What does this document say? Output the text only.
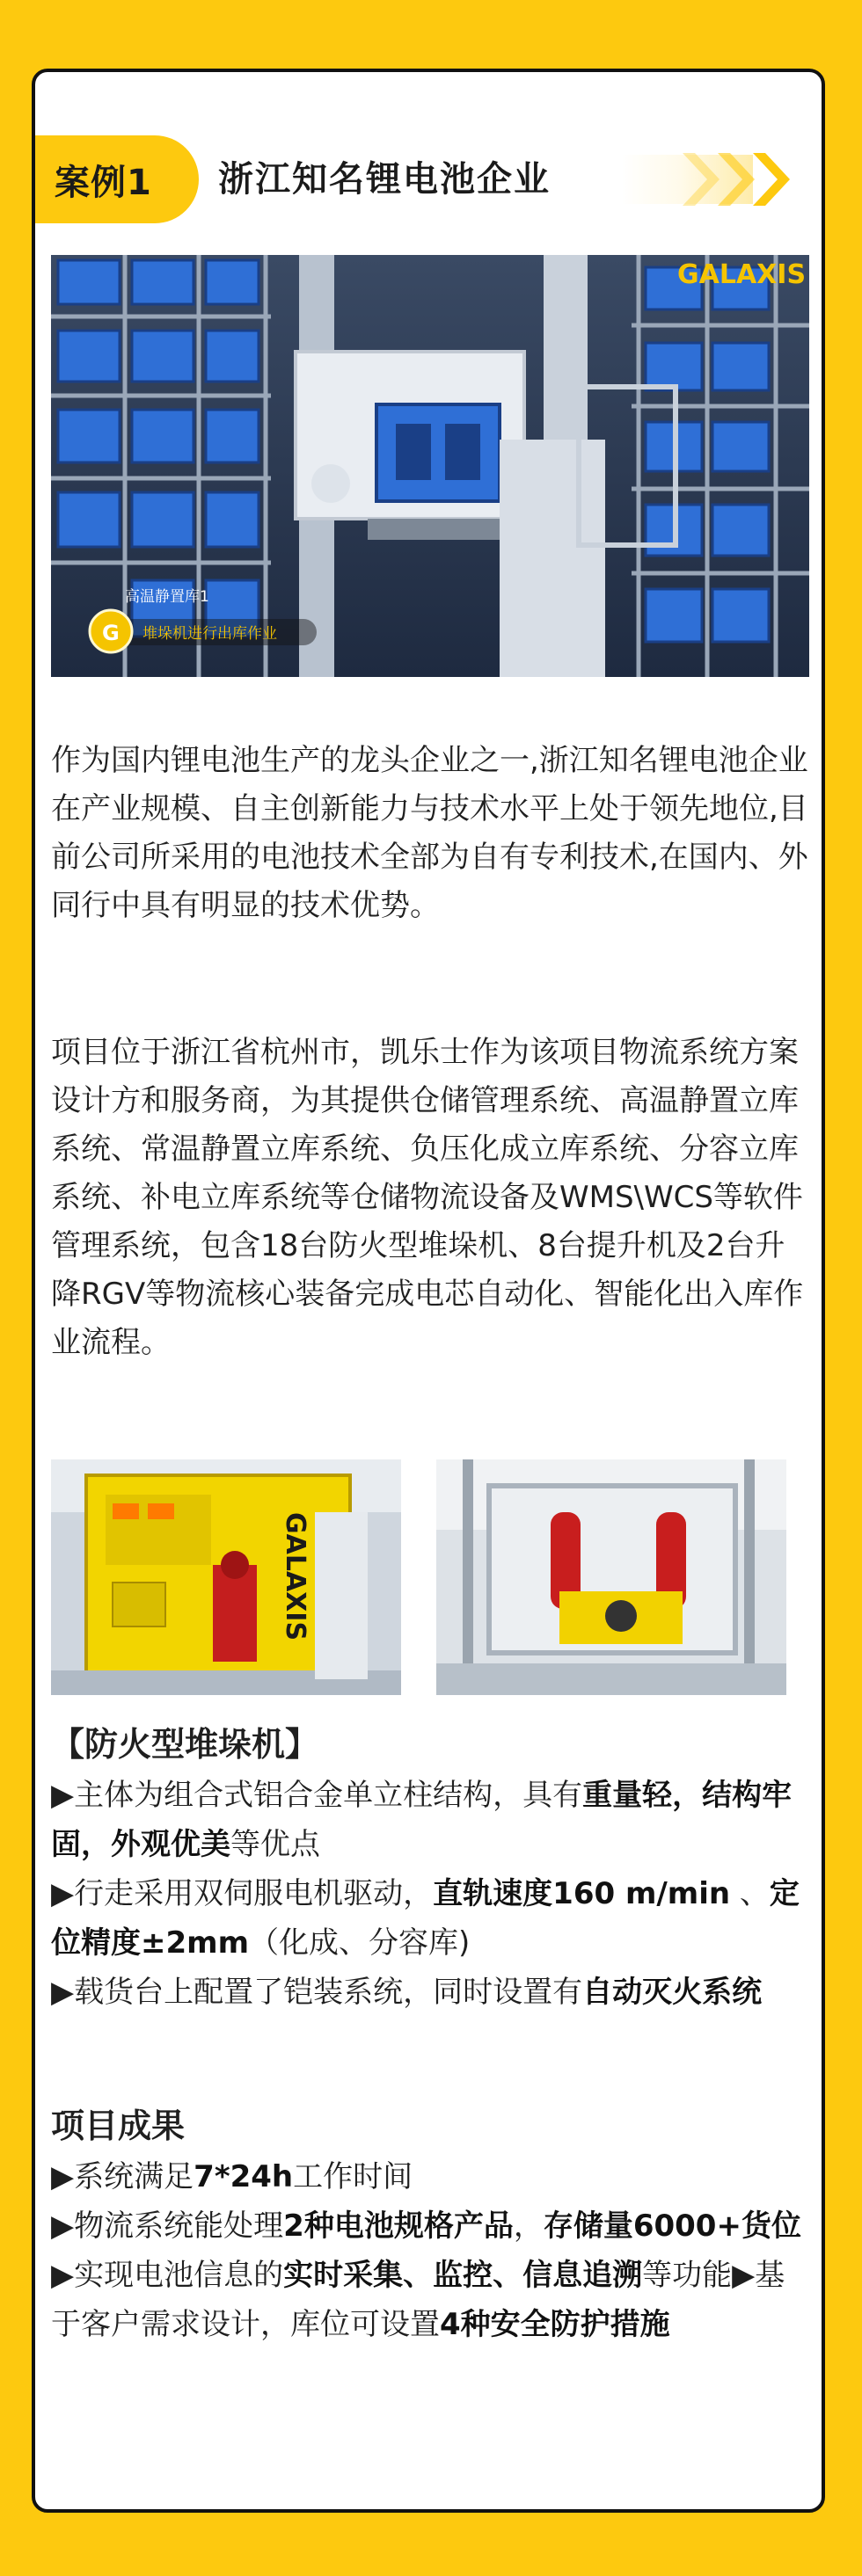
案例1	浙江知名锂电池企业
GALAXIS
G
高温静置库1
堆垛机进行出库作业

作为国内锂电池生产的龙头企业之一,浙江知名锂电池企业在产业规模、自主创新能力与技术水平上处于领先地位,目前公司所采用的电池技术全部为自有专利技术,在国内、外同行中具有明显的技术优势。

项目位于浙江省杭州市，凯乐士作为该项目物流系统方案设计方和服务商，为其提供仓储管理系统、高温静置立库系统、常温静置立库系统、负压化成立库系统、分容立库系统、补电立库系统等仓储物流设备及WMS\WCS等软件管理系统，包含18台防火型堆垛机、8台提升机及2台升降RGV等物流核心装备完成电芯自动化、智能化出入库作业流程。

GALAXIS

【防火型堆垛机】

▶主体为组合式铝合金单立柱结构，具有重量轻，结构牢固，外观优美等优点

▶行走采用双伺服电机驱动，直轨速度160 m/min 、定位精度±2mm（化成、分容库)

▶载货台上配置了铠装系统，同时设置有自动灭火系统

项目成果

▶系统满足7*24h工作时间

▶物流系统能处理2种电池规格产品，存储量6000+货位

▶实现电池信息的实时采集、监控、信息追溯等功能▶基于客户需求设计，库位可设置4种安全防护措施
